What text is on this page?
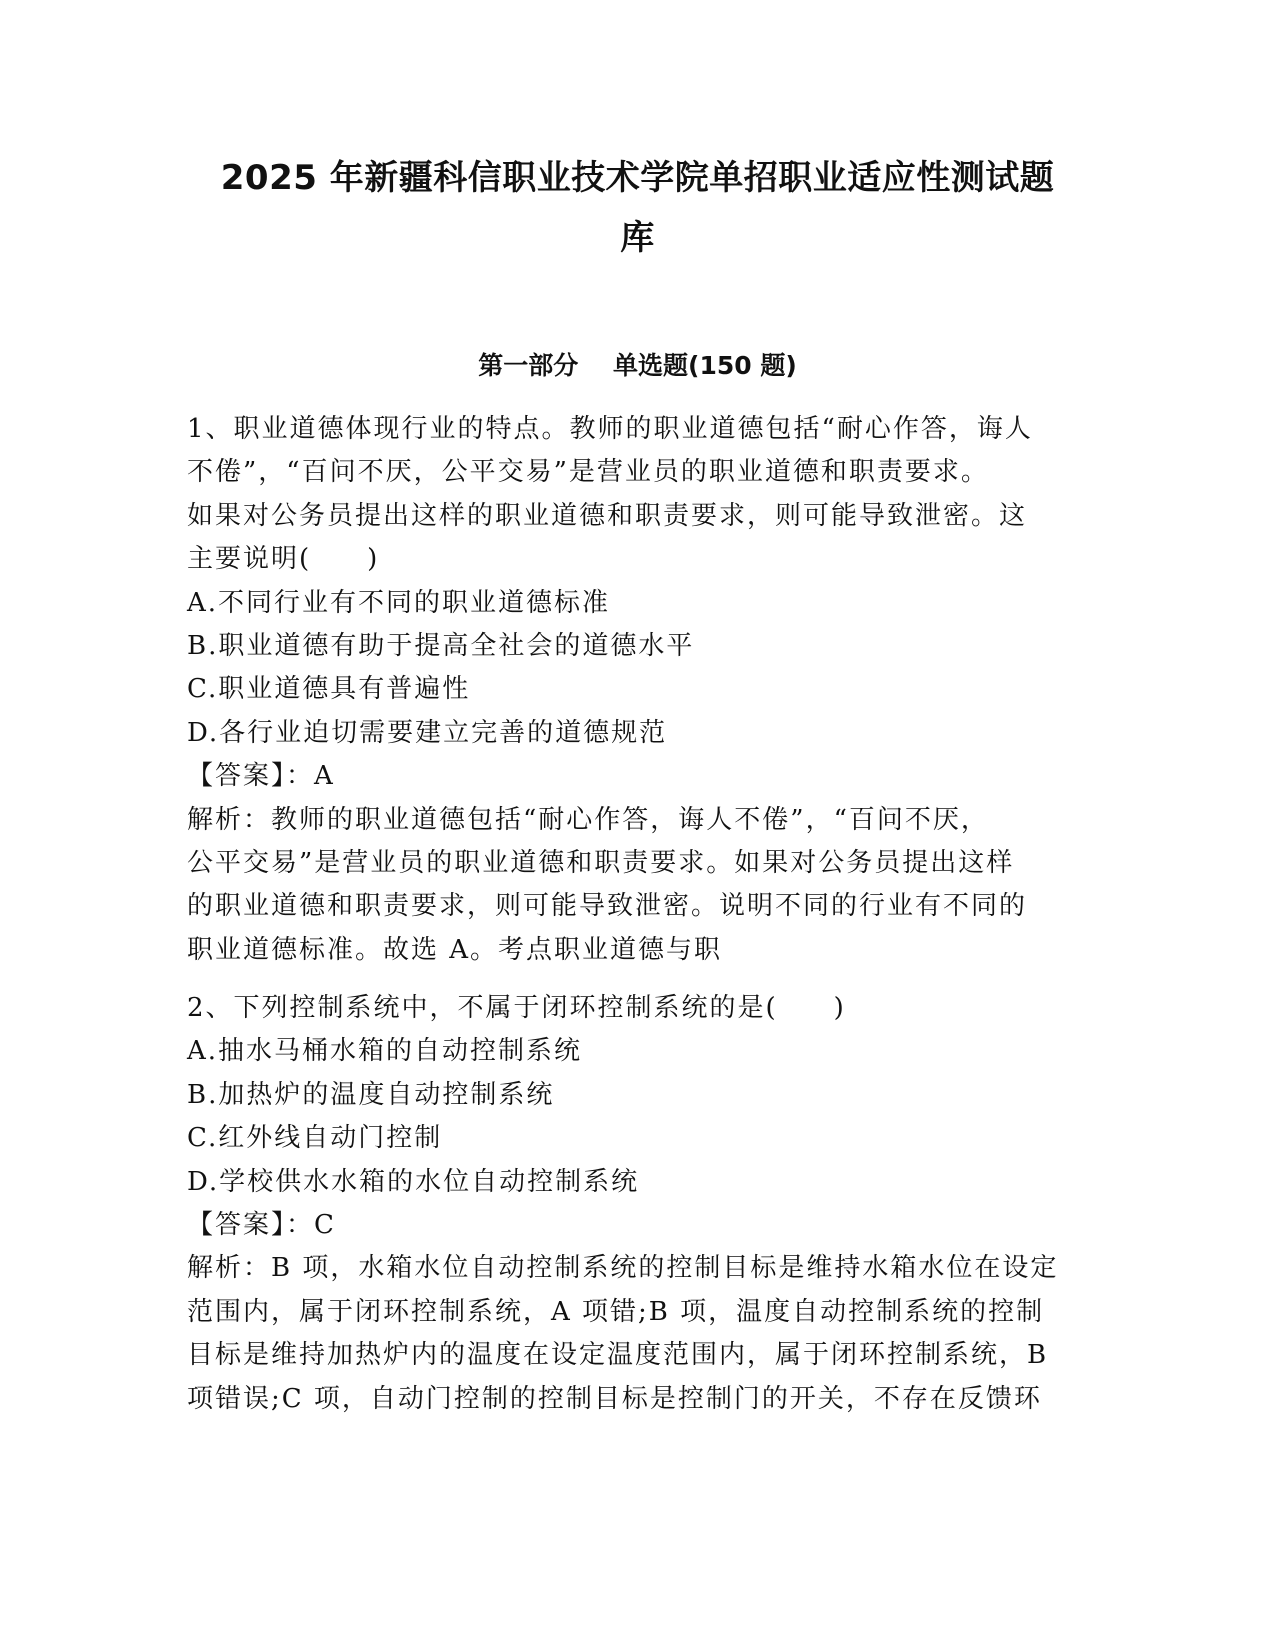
2025 年新疆科信职业技术学院单招职业适应性测试题
库
第一部分    单选题(150 题)
1、职业道德体现行业的特点。教师的职业道德包括“耐心作答，诲人
不倦”，“百问不厌，公平交易”是营业员的职业道德和职责要求。
如果对公务员提出这样的职业道德和职责要求，则可能导致泄密。这
主要说明(　　)
A.不同行业有不同的职业道德标准
B.职业道德有助于提高全社会的道德水平
C.职业道德具有普遍性
D.各行业迫切需要建立完善的道德规范
【答案】：A
解析：教师的职业道德包括“耐心作答，诲人不倦”，“百问不厌，
公平交易”是营业员的职业道德和职责要求。如果对公务员提出这样
的职业道德和职责要求，则可能导致泄密。说明不同的行业有不同的
职业道德标准。故选 A。考点职业道德与职
2、下列控制系统中，不属于闭环控制系统的是(　　)
A.抽水马桶水箱的自动控制系统
B.加热炉的温度自动控制系统
C.红外线自动门控制
D.学校供水水箱的水位自动控制系统
【答案】：C
解析：B 项，水箱水位自动控制系统的控制目标是维持水箱水位在设定
范围内，属于闭环控制系统，A 项错;B 项，温度自动控制系统的控制
目标是维持加热炉内的温度在设定温度范围内，属于闭环控制系统，B
项错误;C 项，自动门控制的控制目标是控制门的开关，不存在反馈环
